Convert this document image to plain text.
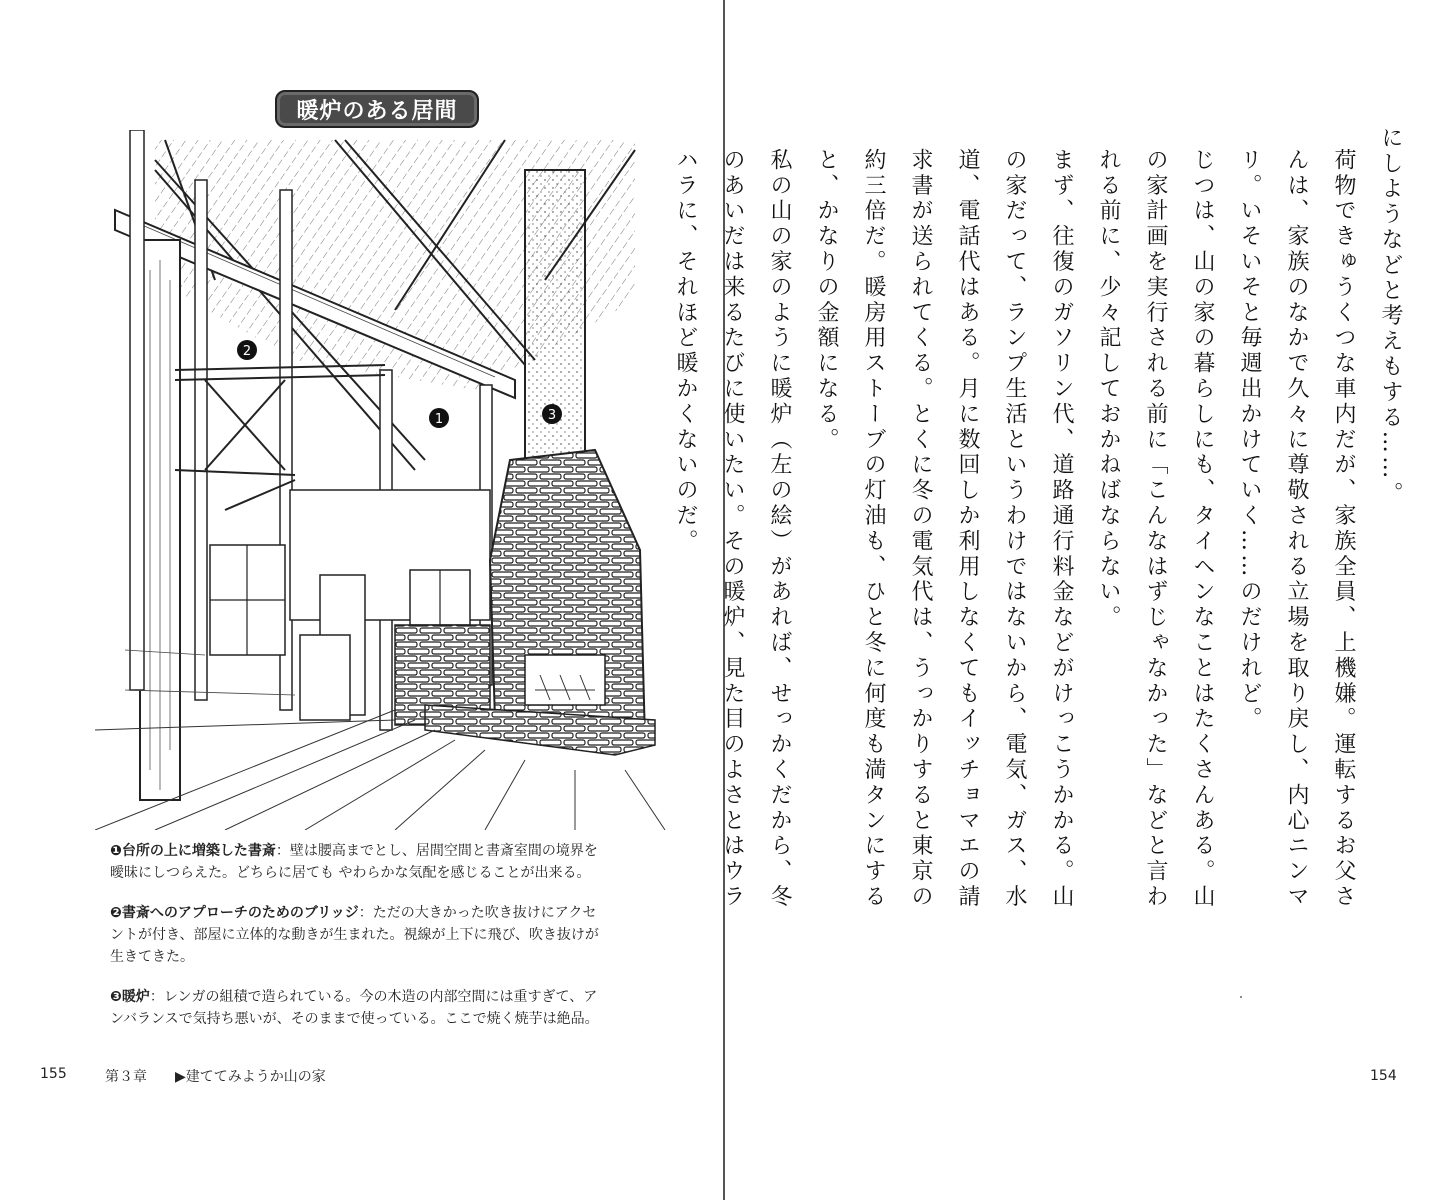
暖炉のある居間
1
2
3
❶台所の上に増築した書斎：壁は腰高までとし、居間空間と書斎室間の境界を曖昧にしつらえた。どちらに居ても やわらかな気配を感じることが出来る。
❷書斎へのアプローチのためのブリッジ：ただの大きかった吹き抜けにアクセントが付き、部屋に立体的な動きが生まれた。視線が上下に飛び、吹き抜けが生きてきた。
❸暖炉：レンガの組積で造られている。今の木造の内部空間には重すぎて、アンバランスで気持ち悪いが、そのままで使っている。ここで焼く焼芋は絶品。
155	第３章 ▶建ててみようか山の家

にしようなどと考えもする……。

荷物できゅうくつな車内だが、家族全員、上機嫌。運転するお父さんは、家族のなかで久々に尊敬される立場を取り戻し、内心ニンマリ。いそいそと毎週出かけていく……のだけれど。

じつは、山の家の暮らしにも、タイヘンなことはたくさんある。山の家計画を実行される前に「こんなはずじゃなかった」などと言われる前に、少々記しておかねばならない。

まず、往復のガソリン代、道路通行料金などがけっこうかかる。山の家だって、ランプ生活というわけではないから、電気、ガス、水道、電話代はある。月に数回しか利用しなくてもイッチョマエの請求書が送られてくる。とくに冬の電気代は、うっかりすると東京の約三倍だ。暖房用ストーブの灯油も、ひと冬に何度も満タンにすると、かなりの金額になる。

私の山の家のように暖炉（左の絵）があれば、せっかくだから、冬のあいだは来るたびに使いたい。その暖炉、見た目のよさとはウラハラに、それほど暖かくないのだ。

154
